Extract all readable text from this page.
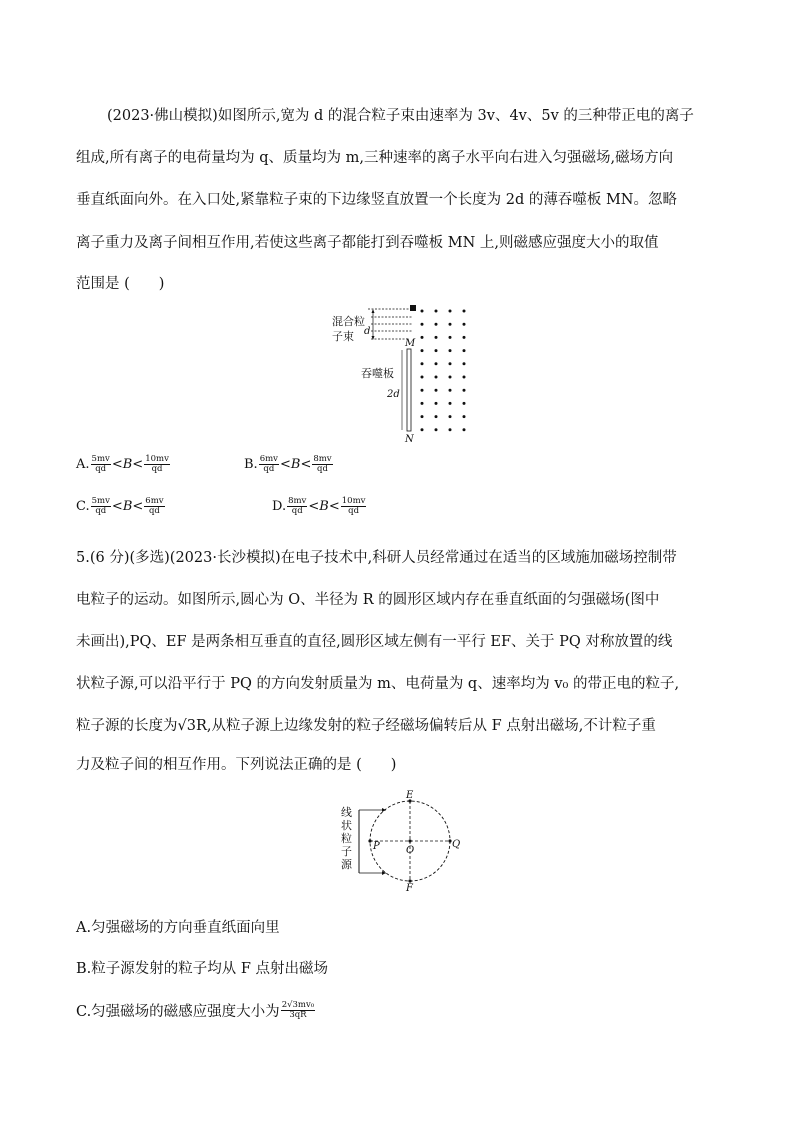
(2023·佛山模拟)如图所示,宽为 d 的混合粒子束由速率为 3v、4v、5v 的三种带正电的离子
组成,所有离子的电荷量均为 q、质量均为 m,三种速率的离子水平向右进入匀强磁场,磁场方向
垂直纸面向外。在入口处,紧靠粒子束的下边缘竖直放置一个长度为 2d 的薄吞噬板 MN。忽略
离子重力及离子间相互作用,若使这些离子都能打到吞噬板 MN 上,则磁感应强度大小的取值
范围是 (　　)
d
混合粒
子束
M
吞噬板
2d
N
A. $\frac{5mv}{qd} < B < \frac{10mv}{qd}$	B. $\frac{6mv}{qd} < B < \frac{8mv}{qd}$
C. $\frac{5mv}{qd} < B < \frac{6mv}{qd}$	D. $\frac{8mv}{qd} < B < \frac{10mv}{qd}$
5.(6 分)(多选)(2023·长沙模拟)在电子技术中,科研人员经常通过在适当的区域施加磁场控制带
电粒子的运动。如图所示,圆心为 O、半径为 R 的圆形区域内存在垂直纸面的匀强磁场(图中
未画出),PQ、EF 是两条相互垂直的直径,圆形区域左侧有一平行 EF、关于 PQ 对称放置的线
状粒子源,可以沿平行于 PQ 的方向发射质量为 m、电荷量为 q、速率均为 v₀ 的带正电的粒子,
粒子源的长度为√3R,从粒子源上边缘发射的粒子经磁场偏转后从 F 点射出磁场,不计粒子重
力及粒子间的相互作用。下列说法正确的是 (　　)
线
状
粒
子
源
E
F
P	Q
O
A.匀强磁场的方向垂直纸面向里
B.粒子源发射的粒子均从 F 点射出磁场
C.匀强磁场的磁感应强度大小为 $\frac{\text{2√3mv₀}}{3qR}$
